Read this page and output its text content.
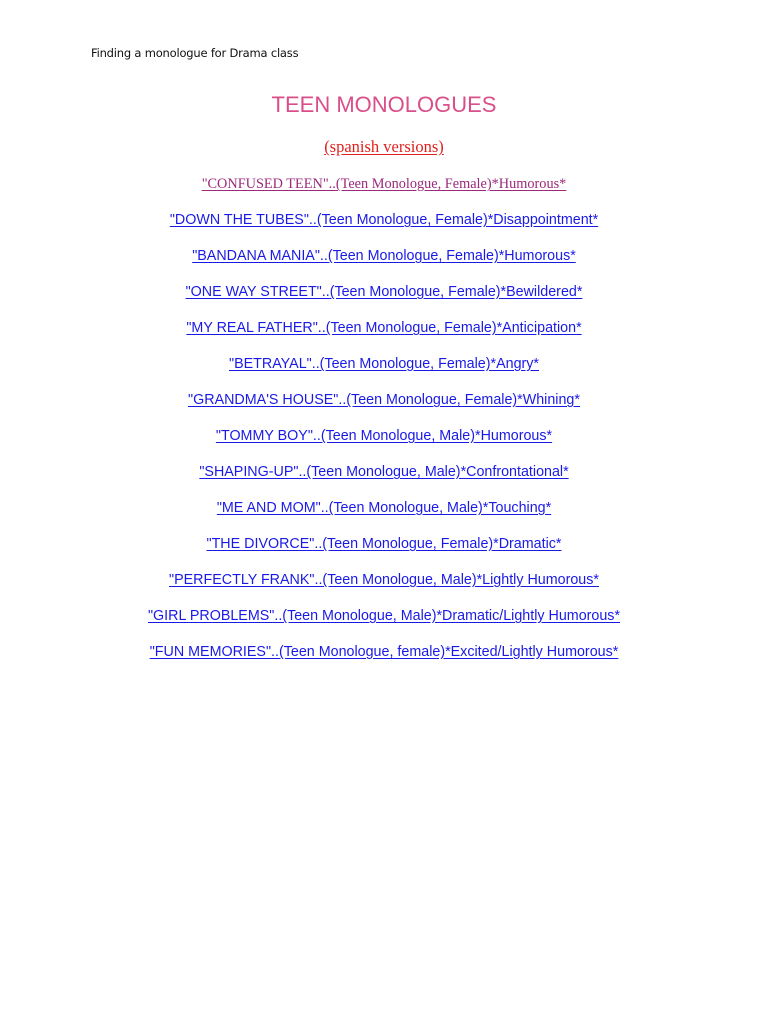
Finding a monologue for Drama class
TEEN MONOLOGUES
(spanish versions)
"CONFUSED TEEN"..(Teen Monologue, Female)*Humorous*
"DOWN THE TUBES"..(Teen Monologue, Female)*Disappointment*
"BANDANA MANIA"..(Teen Monologue, Female)*Humorous*
"ONE WAY STREET"..(Teen Monologue, Female)*Bewildered*
"MY REAL FATHER"..(Teen Monologue, Female)*Anticipation*
"BETRAYAL"..(Teen Monologue, Female)*Angry*
"GRANDMA'S HOUSE"..(Teen Monologue, Female)*Whining*
"TOMMY BOY"..(Teen Monologue, Male)*Humorous*
"SHAPING-UP"..(Teen Monologue, Male)*Confrontational*
"ME AND MOM"..(Teen Monologue, Male)*Touching*
"THE DIVORCE"..(Teen Monologue, Female)*Dramatic*
"PERFECTLY FRANK"..(Teen Monologue, Male)*Lightly Humorous*
"GIRL PROBLEMS"..(Teen Monologue, Male)*Dramatic/Lightly Humorous*
"FUN MEMORIES"..(Teen Monologue, female)*Excited/Lightly Humorous*
